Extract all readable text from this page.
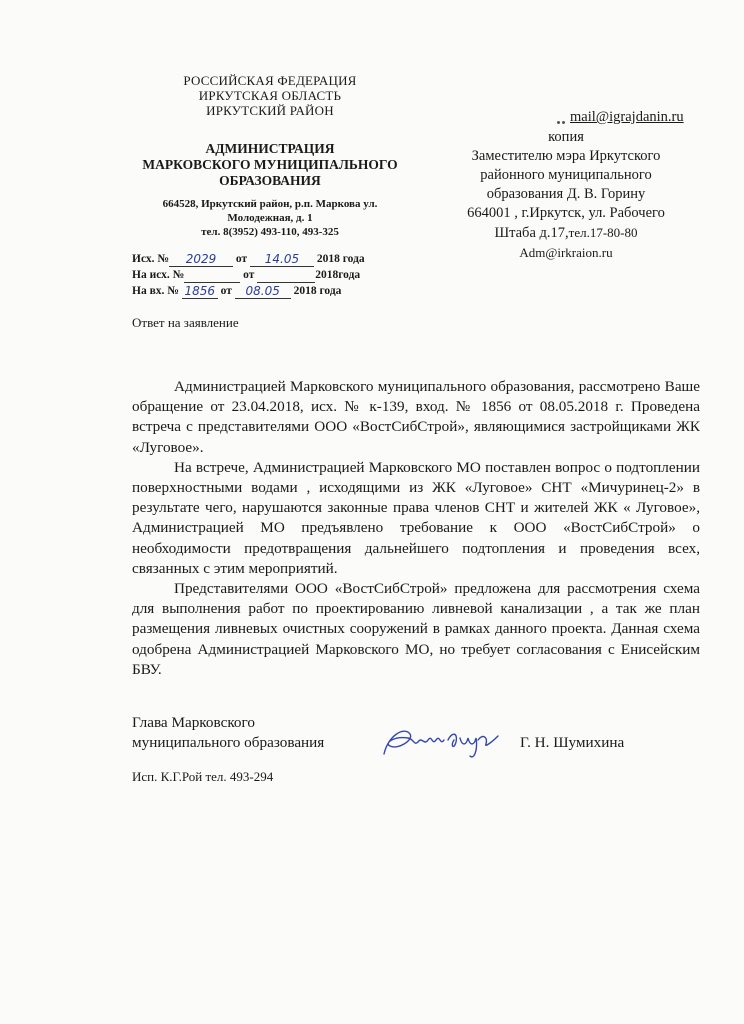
РОССИЙСКАЯ ФЕДЕРАЦИЯ
ИРКУТСКАЯ ОБЛАСТЬ
ИРКУТСКИЙ РАЙОН
АДМИНИСТРАЦИЯ
МАРКОВСКОГО МУНИЦИПАЛЬНОГО
ОБРАЗОВАНИЯ
664528, Иркутский район, р.п. Маркова ул.
Молодежная, д. 1
тел. 8(3952) 493-110, 493-325
Исх. № 2029 от 14.05 2018 года
На исх. №	от	2018года
На вх. № 1856 от 08.05 2018 года
Ответ на заявление
mail@igrajdanin.ru
копия
Заместителю мэра Иркутского
районного муниципального
образования Д. В. Горину
664001 , г.Иркутск, ул. Рабочего
Штаба д.17,тел.17-80-80
Adm@irkraion.ru

Администрацией Марковского муниципального образования, рассмотрено Ваше обращение от 23.04.2018, исх. № к-139, вход. № 1856 от 08.05.2018 г. Проведена встреча с представителями ООО «ВостСибСтрой», являющимися застройщиками ЖК «Луговое».

На встрече, Администрацией Марковского МО поставлен вопрос о подтоплении поверхностными водами , исходящими из ЖК «Луговое» СНТ «Мичуринец-2» в результате чего, нарушаются законные права членов СНТ и жителей ЖК « Луговое», Администрацией МО предъявлено требование к ООО «ВостСибСтрой» о необходимости предотвращения дальнейшего подтопления и проведения всех, связанных с этим мероприятий.

Представителями ООО «ВостСибСтрой» предложена для рассмотрения схема для выполнения работ по проектированию ливневой канализации , а так же план размещения ливневых очистных сооружений в рамках данного проекта. Данная схема одобрена Администрацией Марковского МО, но требует согласования с Енисейским БВУ.

Глава Марковского
муниципального образования	Г. Н. Шумихина
Исп. К.Г.Рой тел. 493-294
